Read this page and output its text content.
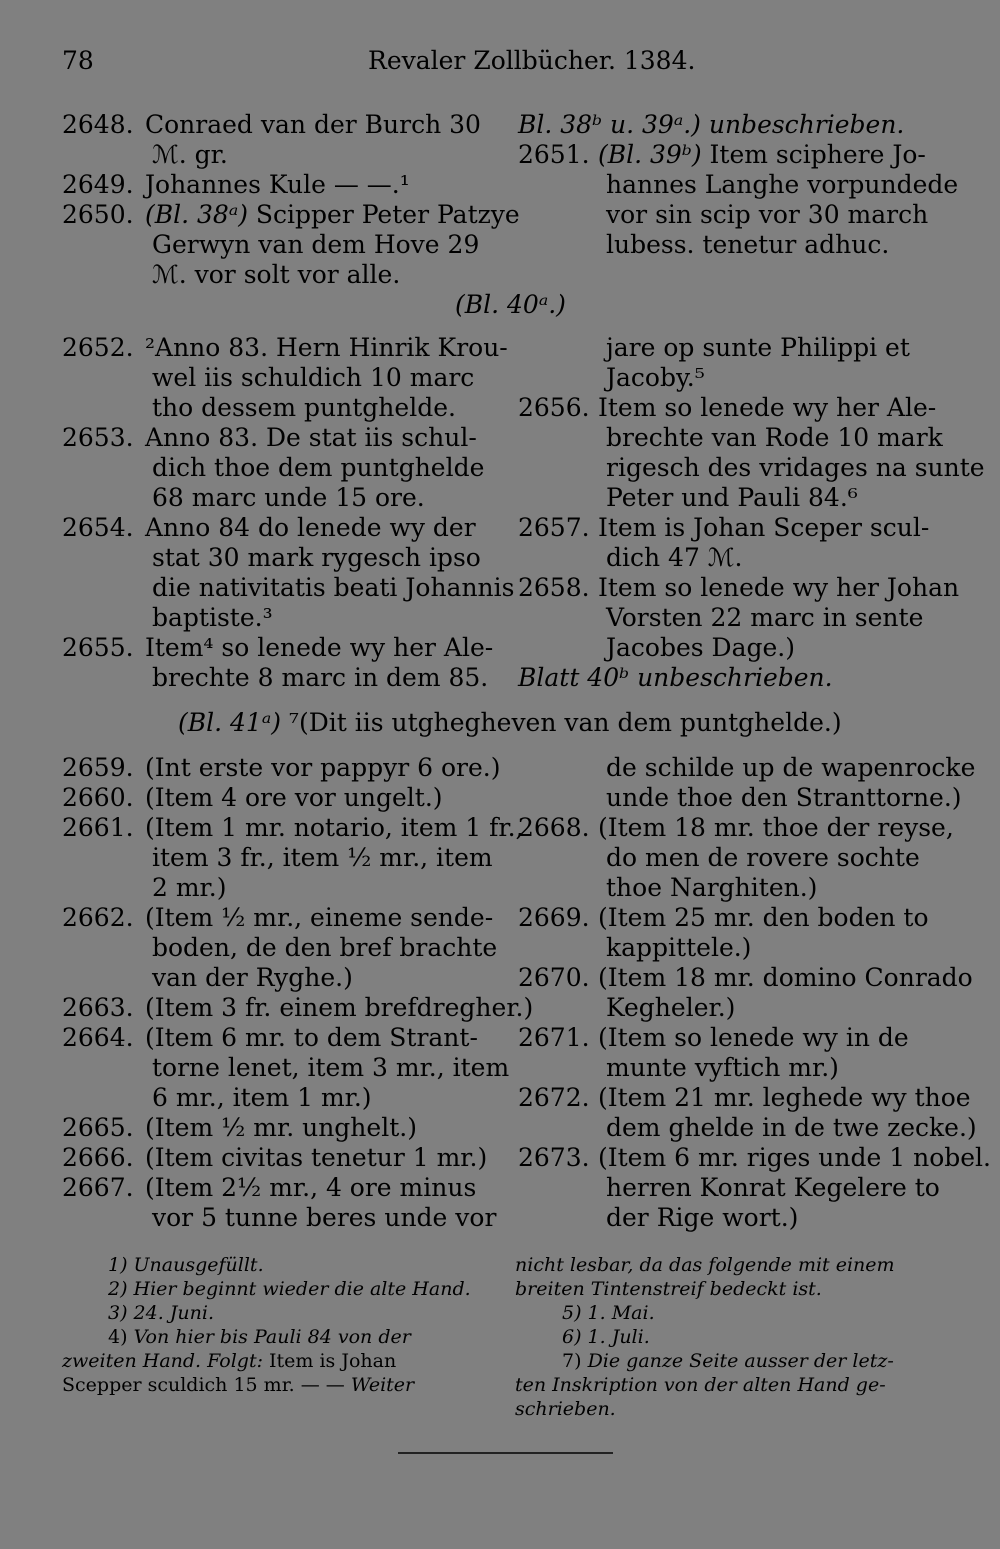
78	Revaler Zollbücher. 1384.
2648. Conraed van der Burch 30
ℳ. gr.
2649. Johannes Kule — —.¹
2650. (Bl. 38ᵃ) Scipper Peter Patzye
Gerwyn van dem Hove 29
ℳ. vor solt vor alle.
Bl. 38ᵇ u. 39ᵃ.) unbeschrieben.
2651. (Bl. 39ᵇ) Item sciphere Jo-
hannes Langhe vorpundede
vor sin scip vor 30 march
lubess. tenetur adhuc.
(Bl. 40ᵃ.)
2652. ²Anno 83. Hern Hinrik Krou-
wel iis schuldich 10 marc
tho dessem puntghelde.
2653. Anno 83. De stat iis schul-
dich thoe dem puntghelde
68 marc unde 15 ore.
2654. Anno 84 do lenede wy der
stat 30 mark rygesch ipso
die nativitatis beati Johannis
baptiste.³
2655. Item⁴ so lenede wy her Ale-
brechte 8 marc in dem 85.
jare op sunte Philippi et
Jacoby.⁵
2656. Item so lenede wy her Ale-
brechte van Rode 10 mark
rigesch des vridages na sunte
Peter und Pauli 84.⁶
2657. Item is Johan Sceper scul-
dich 47 ℳ.
2658. Item so lenede wy her Johan
Vorsten 22 marc in sente
Jacobes Dage.)
Blatt 40ᵇ unbeschrieben.
(Bl. 41ᵃ) ⁷(Dit iis utghegheven van dem puntghelde.)
2659. (Int erste vor pappyr 6 ore.)
2660. (Item 4 ore vor ungelt.)
2661. (Item 1 mr. notario, item 1 fr.,
item 3 fr., item ½ mr., item
2 mr.)
2662. (Item ½ mr., eineme sende-
boden, de den bref brachte
van der Ryghe.)
2663. (Item 3 fr. einem brefdregher.)
2664. (Item 6 mr. to dem Strant-
torne lenet, item 3 mr., item
6 mr., item 1 mr.)
2665. (Item ½ mr. unghelt.)
2666. (Item civitas tenetur 1 mr.)
2667. (Item 2½ mr., 4 ore minus
vor 5 tunne beres unde vor
de schilde up de wapenrocke
unde thoe den Stranttorne.)
2668. (Item 18 mr. thoe der reyse,
do men de rovere sochte
thoe Narghiten.)
2669. (Item 25 mr. den boden to
kappittele.)
2670. (Item 18 mr. domino Conrado
Kegheler.)
2671. (Item so lenede wy in de
munte vyftich mr.)
2672. (Item 21 mr. leghede wy thoe
dem ghelde in de twe zecke.)
2673. (Item 6 mr. riges unde 1 nobel.
herren Konrat Kegelere to
der Rige wort.)
1) Unausgefüllt.
2) Hier beginnt wieder die alte Hand.
3) 24. Juni.
4) Von hier bis Pauli 84 von der
zweiten Hand. Folgt: Item is Johan
Scepper sculdich 15 mr. — — Weiter
nicht lesbar, da das folgende mit einem
breiten Tintenstreif bedeckt ist.
5) 1. Mai.
6) 1. Juli.
7) Die ganze Seite ausser der letz-
ten Inskription von der alten Hand ge-
schrieben.
